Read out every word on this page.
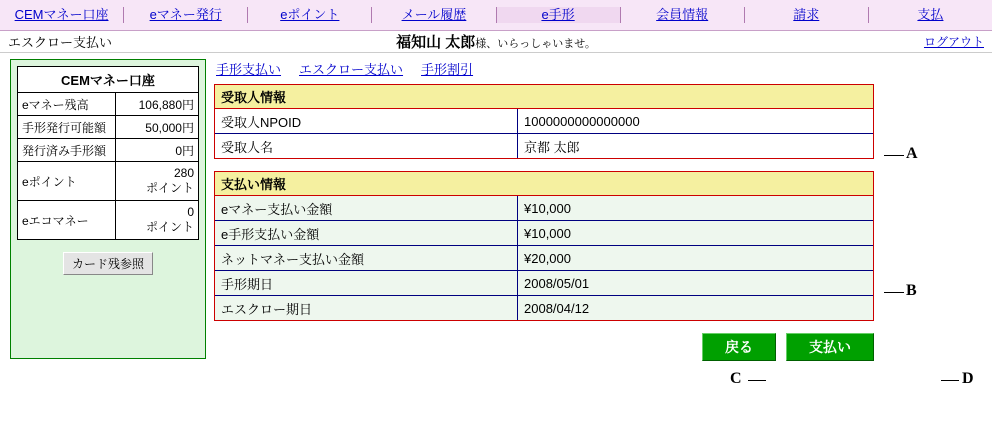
CEMマネー口座	eマネー発行	eポイント	メール履歴	e手形	会員情報	請求	支払
エスクロー支払い	福知山 太郎様、いらっしゃいませ。	ログアウト
CEMマネー口座
eマネー残高	106,880円
手形発行可能額	50,000円
発行済み手形額	0円
eポイント	280
ポイント
eエコマネー	0
ポイント
カード残参照
手形支払い エスクロー支払い 手形割引
受取人情報
受取人NPOID	1000000000000000
受取人名	京都 太郎
支払い情報
eマネー支払い金額	¥10,000
e手形支払い金額	¥10,000
ネットマネー支払い金額	¥20,000
手形期日	2008/05/01
エスクロー期日	2008/04/12
戻る	支払い
A
B
C	D
